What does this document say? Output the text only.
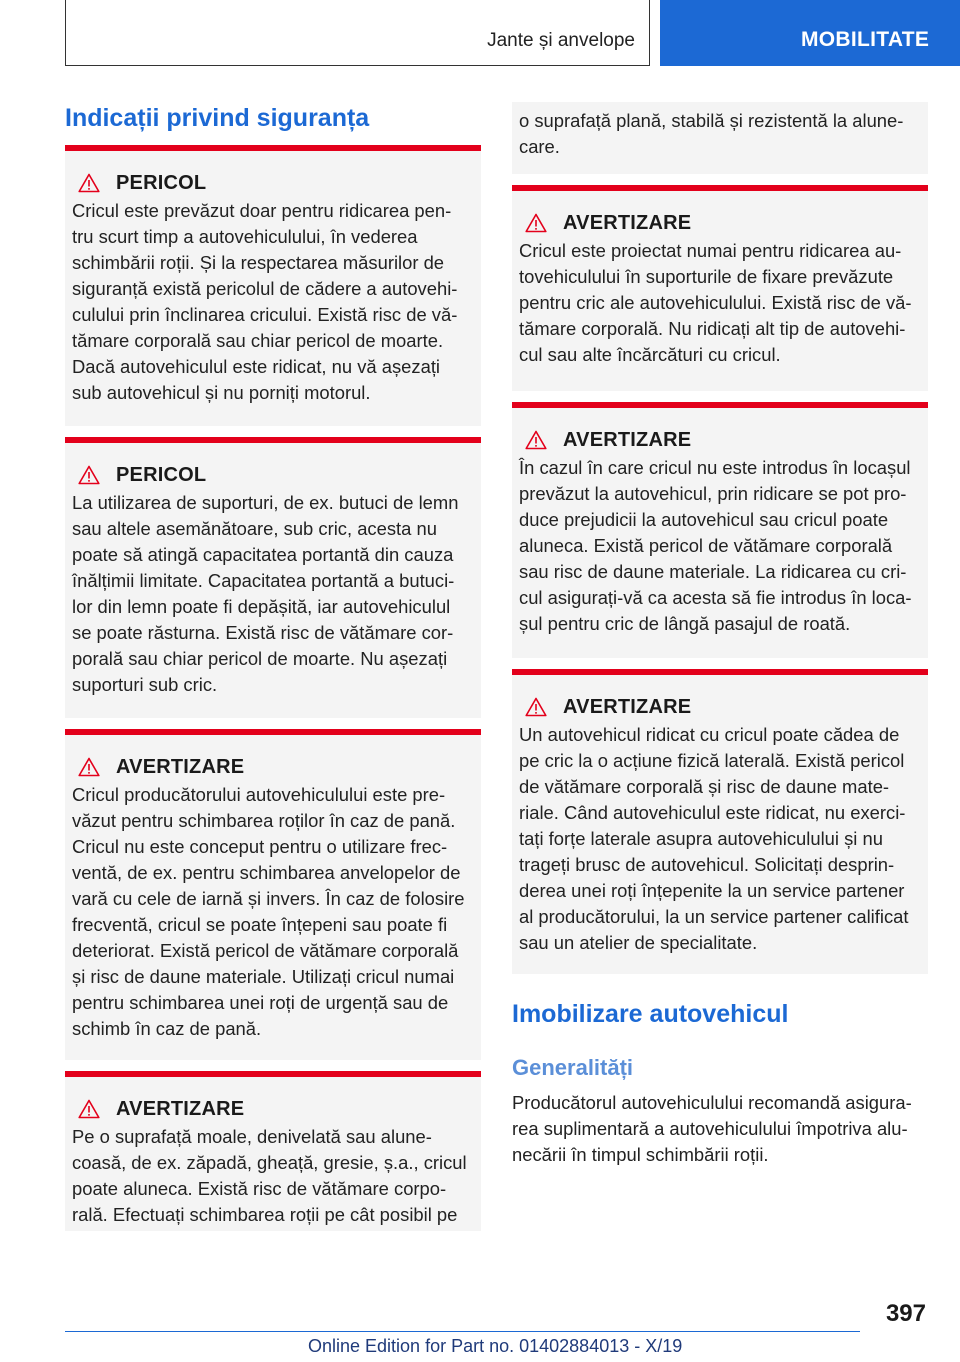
Jante și anvelope	MOBILITATE
Indicații privind siguranța
PERICOL
Cricul este prevăzut doar pentru ridicarea pen-
tru scurt timp a autovehiculului, în vederea
schimbării roții. Și la respectarea măsurilor de
siguranță există pericolul de cădere a autovehi-
culului prin înclinarea cricului. Există risc de vă-
tămare corporală sau chiar pericol de moarte.
Dacă autovehiculul este ridicat, nu vă așezați
sub autovehicul și nu porniți motorul.
PERICOL
La utilizarea de suporturi, de ex. butuci de lemn
sau altele asemănătoare, sub cric, acesta nu
poate să atingă capacitatea portantă din cauza
înălțimii limitate. Capacitatea portantă a butuci-
lor din lemn poate fi depășită, iar autovehiculul
se poate răsturna. Există risc de vătămare cor-
porală sau chiar pericol de moarte. Nu așezați
suporturi sub cric.
AVERTIZARE
Cricul producătorului autovehiculului este pre-
văzut pentru schimbarea roților în caz de pană.
Cricul nu este conceput pentru o utilizare frec-
ventă, de ex. pentru schimbarea anvelopelor de
vară cu cele de iarnă și invers. În caz de folosire
frecventă, cricul se poate înțepeni sau poate fi
deteriorat. Există pericol de vătămare corporală
și risc de daune materiale. Utilizați cricul numai
pentru schimbarea unei roți de urgență sau de
schimb în caz de pană.
AVERTIZARE
Pe o suprafață moale, denivelată sau alune-
coasă, de ex. zăpadă, gheață, gresie, ș.a., cricul
poate aluneca. Există risc de vătămare corpo-
rală. Efectuați schimbarea roții pe cât posibil pe
o suprafață plană, stabilă și rezistentă la alune-
care.
AVERTIZARE
Cricul este proiectat numai pentru ridicarea au-
tovehiculului în suporturile de fixare prevăzute
pentru cric ale autovehiculului. Există risc de vă-
tămare corporală. Nu ridicați alt tip de autovehi-
cul sau alte încărcături cu cricul.
AVERTIZARE
În cazul în care cricul nu este introdus în locașul
prevăzut la autovehicul, prin ridicare se pot pro-
duce prejudicii la autovehicul sau cricul poate
aluneca. Există pericol de vătămare corporală
sau risc de daune materiale. La ridicarea cu cri-
cul asigurați-vă ca acesta să fie introdus în loca-
șul pentru cric de lângă pasajul de roată.
AVERTIZARE
Un autovehicul ridicat cu cricul poate cădea de
pe cric la o acțiune fizică laterală. Există pericol
de vătămare corporală și risc de daune mate-
riale. Când autovehiculul este ridicat, nu exerci-
tați forțe laterale asupra autovehiculului și nu
trageți brusc de autovehicul. Solicitați desprin-
derea unei roți înțepenite la un service partener
al producătorului, la un service partener calificat
sau un atelier de specialitate.
Imobilizare autovehicul
Generalități
Producătorul autovehiculului recomandă asigura-
rea suplimentară a autovehiculului împotriva alu-
necării în timpul schimbării roții.
397
Online Edition for Part no. 01402884013 - X/19
